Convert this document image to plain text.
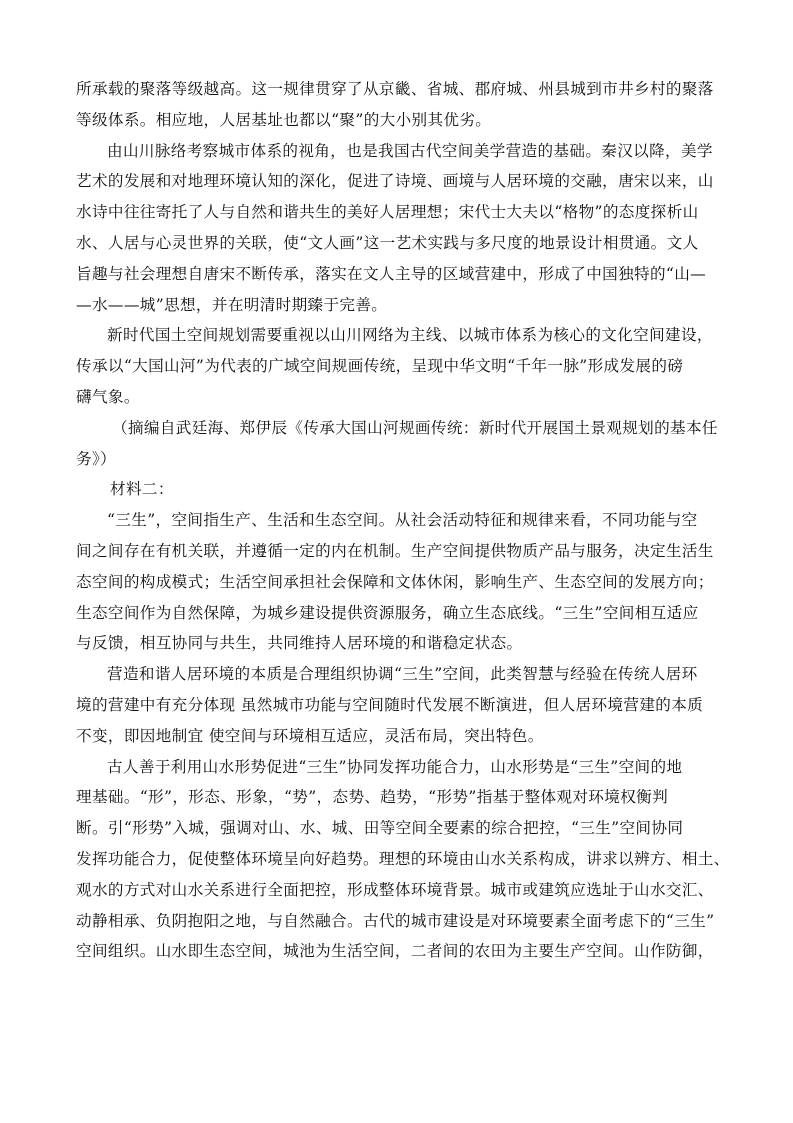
所承载的聚落等级越高。这一规律贯穿了从京畿、省城、郡府城、州县城到市井乡村的聚落
等级体系。相应地，人居基址也都以“聚”的大小别其优劣。
由山川脉络考察城市体系的视角，也是我国古代空间美学营造的基础。秦汉以降，美学
艺术的发展和对地理环境认知的深化，促进了诗境、画境与人居环境的交融，唐宋以来，山
水诗中往往寄托了人与自然和谐共生的美好人居理想；宋代士大夫以“格物”的态度探析山
水、人居与心灵世界的关联，使“文人画”这一艺术实践与多尺度的地景设计相贯通。文人
旨趣与社会理想自唐宋不断传承，落实在文人主导的区域营建中，形成了中国独特的“山—
—水——城”思想，并在明清时期臻于完善。
新时代国土空间规划需要重视以山川网络为主线、以城市体系为核心的文化空间建设，
传承以“大国山河”为代表的广域空间规画传统，呈现中华文明“千年一脉”形成发展的磅
礴气象。
（摘编自武廷海、郑伊辰《传承大国山河规画传统：新时代开展国土景观规划的基本任
务》）
材料二：
“三生”，空间指生产、生活和生态空间。从社会活动特征和规律来看，不同功能与空
间之间存在有机关联，并遵循一定的内在机制。生产空间提供物质产品与服务，决定生活生
态空间的构成模式；生活空间承担社会保障和文体休闲，影响生产、生态空间的发展方向；
生态空间作为自然保障，为城乡建设提供资源服务，确立生态底线。“三生”空间相互适应
与反馈，相互协同与共生，共同维持人居环境的和谐稳定状态。
营造和谐人居环境的本质是合理组织协调“三生”空间，此类智慧与经验在传统人居环
境的营建中有充分体现 虽然城市功能与空间随时代发展不断演进，但人居环境营建的本质
不变，即因地制宜 使空间与环境相互适应，灵活布局，突出特色。
古人善于利用山水形势促进“三生”协同发挥功能合力，山水形势是“三生”空间的地
理基础。“形”，形态、形象，“势”，态势、趋势，“形势”指基于整体观对环境权衡判
断。引“形势”入城，强调对山、水、城、田等空间全要素的综合把控，“三生”空间协同
发挥功能合力，促使整体环境呈向好趋势。理想的环境由山水关系构成，讲求以辨方、相土、
观水的方式对山水关系进行全面把控，形成整体环境背景。城市或建筑应选址于山水交汇、
动静相承、负阴抱阳之地，与自然融合。古代的城市建设是对环境要素全面考虑下的“三生”
空间组织。山水即生态空间，城池为生活空间，二者间的农田为主要生产空间。山作防御，
